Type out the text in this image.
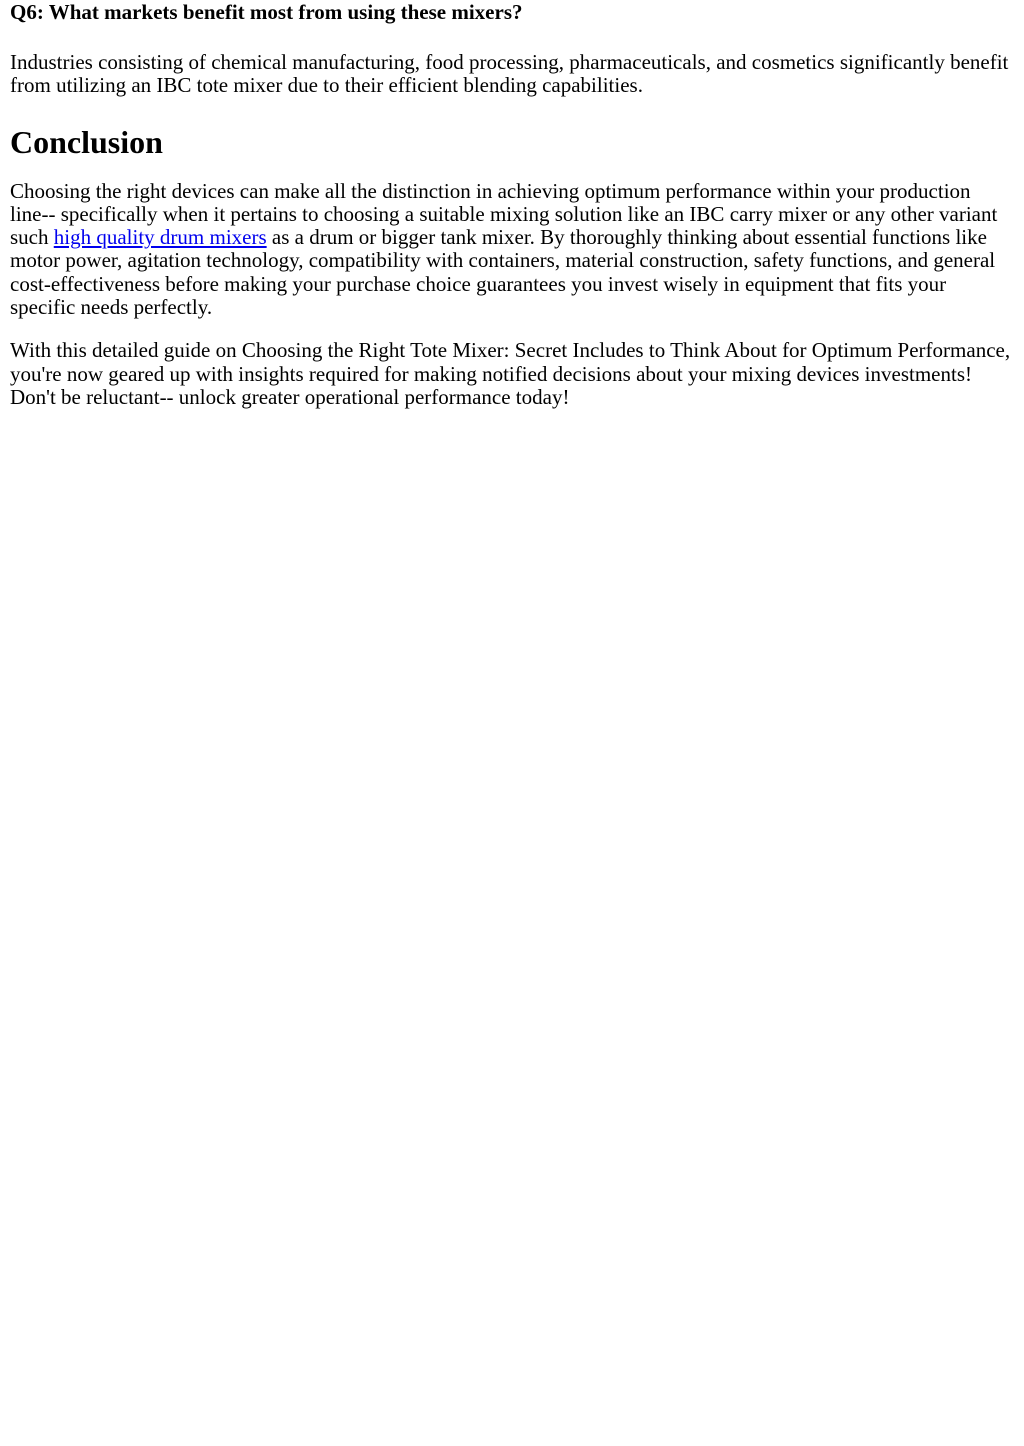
Q6: What markets benefit most from using these mixers?

Industries consisting of chemical manufacturing, food processing, pharmaceuticals, and cosmetics significantly benefit from utilizing an IBC tote mixer due to their efficient blending capabilities.

Conclusion

Choosing the right devices can make all the distinction in achieving optimum performance within your production line-- specifically when it pertains to choosing a suitable mixing solution like an IBC carry mixer or any other variant such high quality drum mixers as a drum or bigger tank mixer. By thoroughly thinking about essential functions like motor power, agitation technology, compatibility with containers, material construction, safety functions, and general cost-effectiveness before making your purchase choice guarantees you invest wisely in equipment that fits your specific needs perfectly.

With this detailed guide on Choosing the Right Tote Mixer: Secret Includes to Think About for Optimum Performance, you're now geared up with insights required for making notified decisions about your mixing devices investments! Don't be reluctant-- unlock greater operational performance today!
